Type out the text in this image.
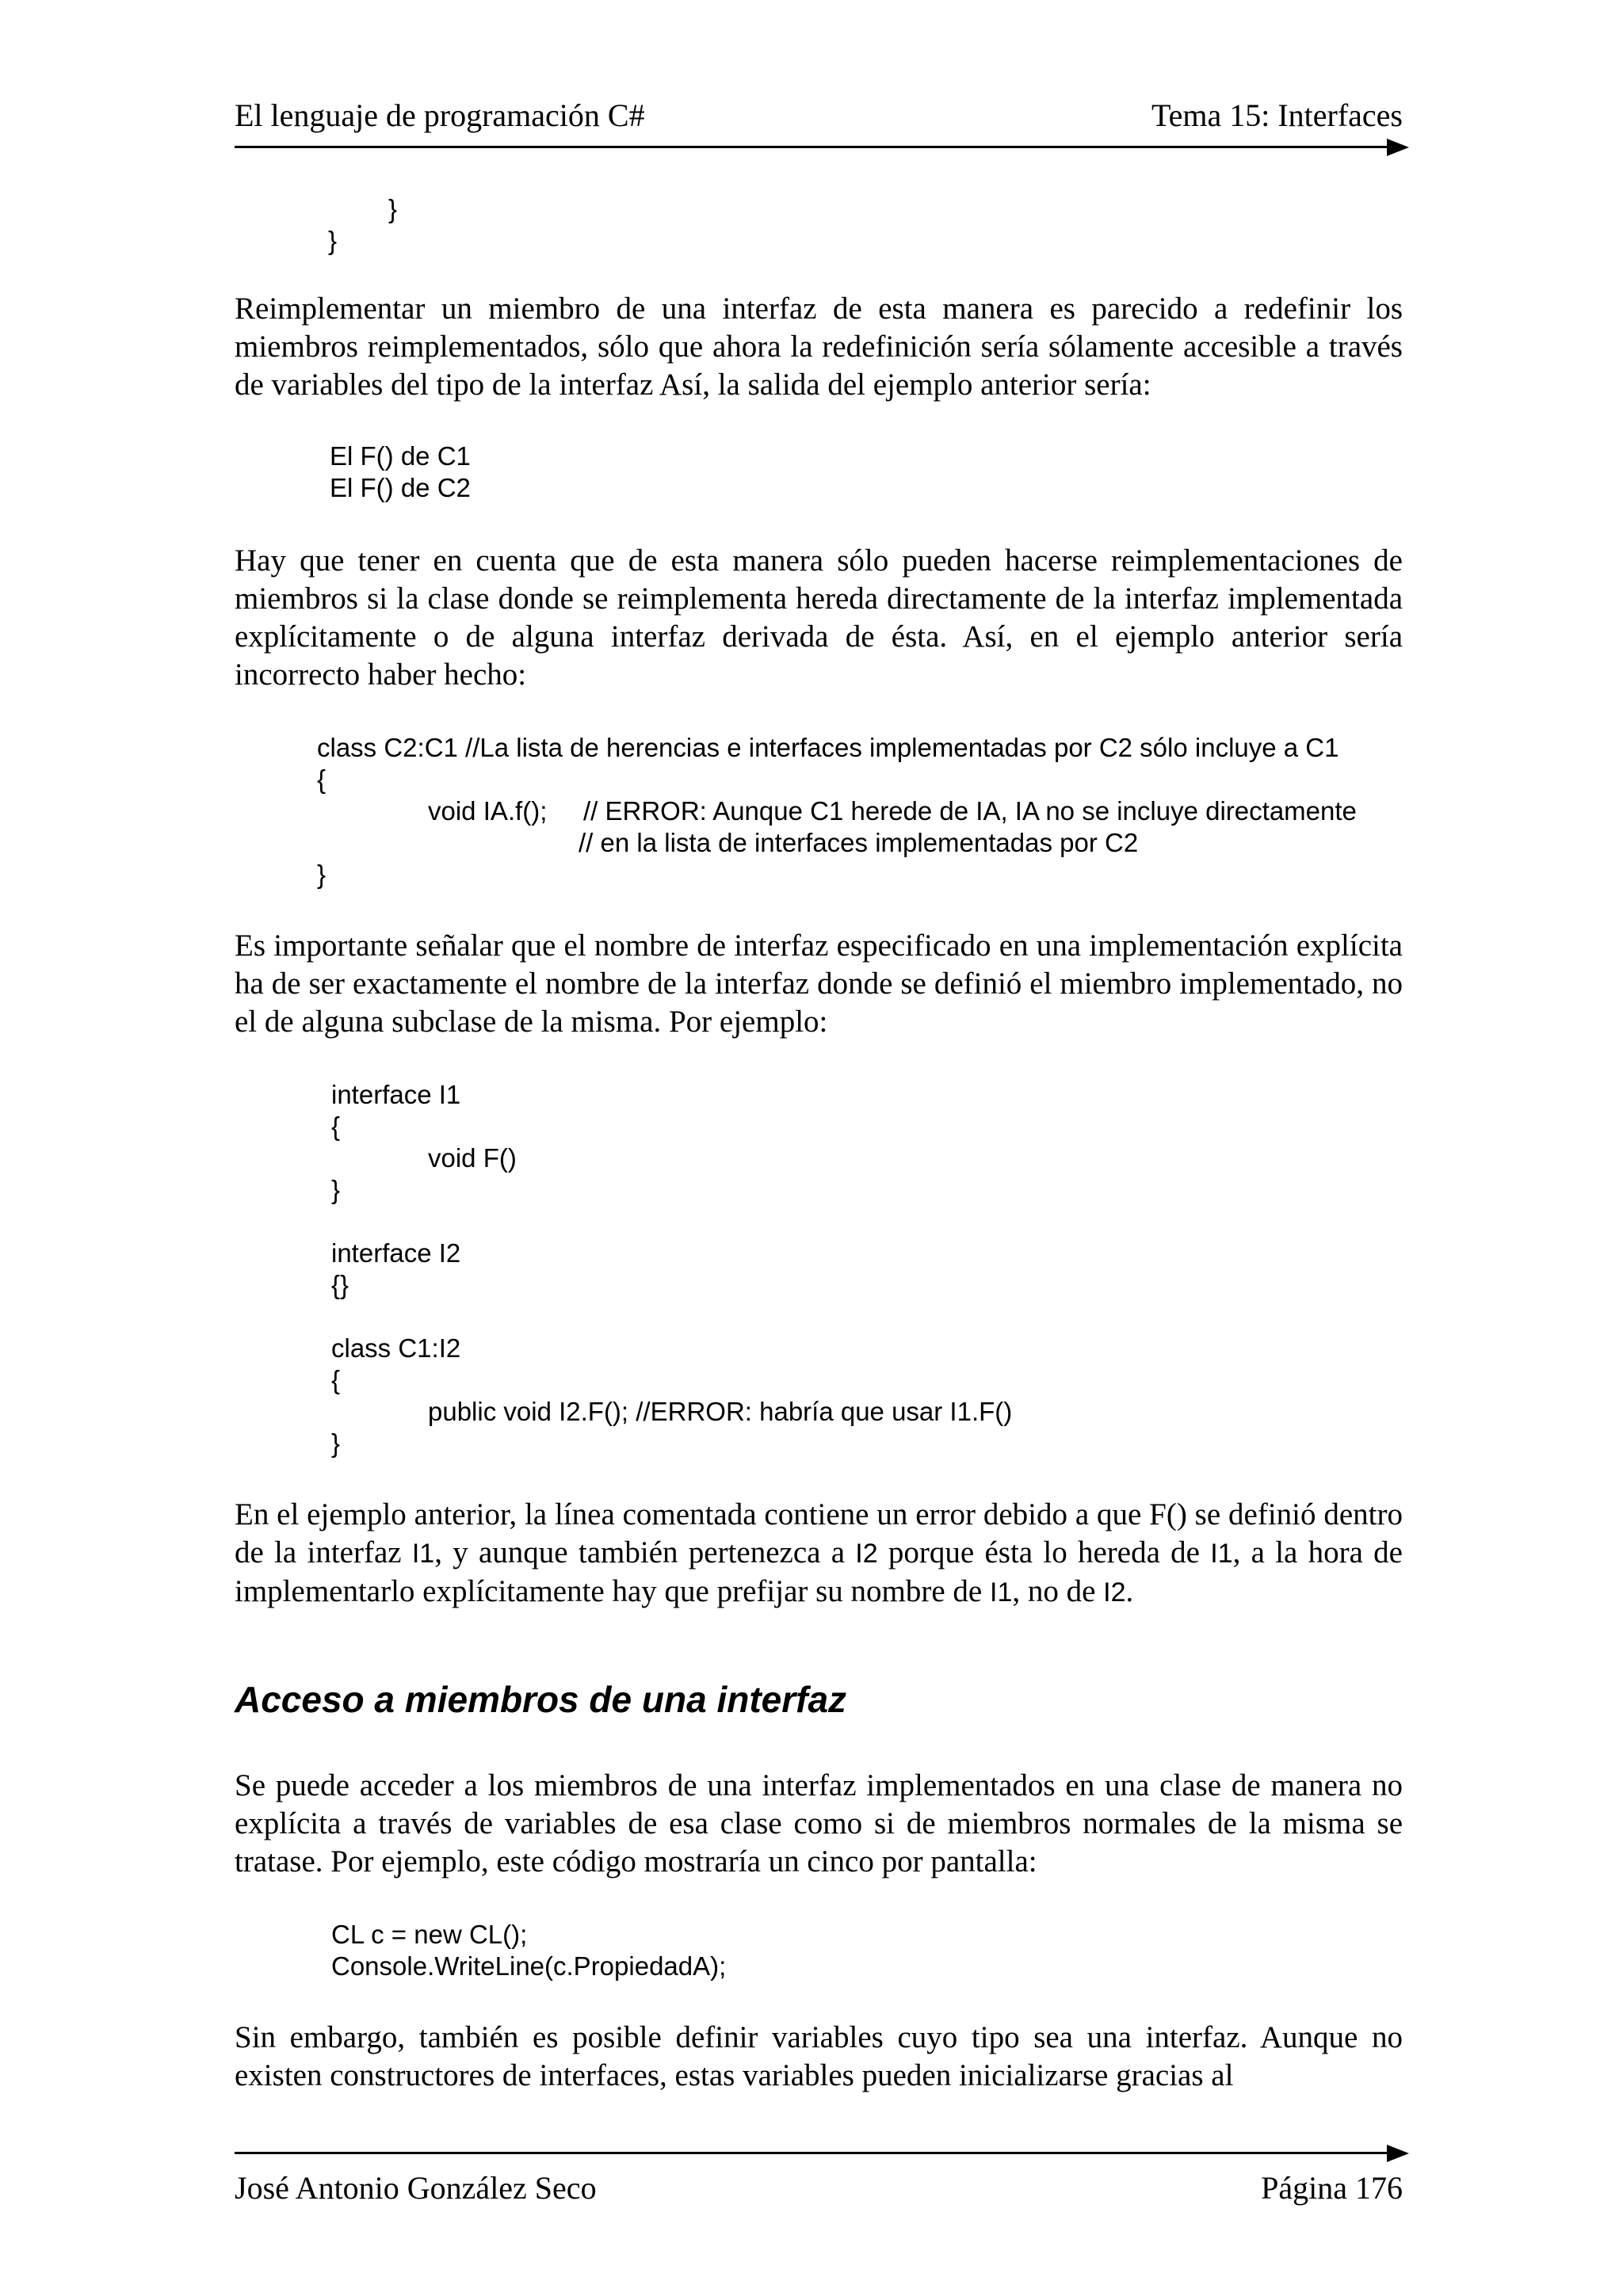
El lenguaje de programación C#	Tema 15: Interfaces
}
}

Reimplementar un miembro de una interfaz de esta manera es parecido a redefinir los miembros reimplementados, sólo que ahora la redefinición sería sólamente accesible a través de variables del tipo de la interfaz Así, la salida del ejemplo anterior sería:

El F() de C1
El F() de C2

Hay que tener en cuenta que de esta manera sólo pueden hacerse reimplementaciones de miembros si la clase donde se reimplementa hereda directamente de la interfaz implementada explícitamente o de alguna interfaz derivada de ésta. Así, en el ejemplo anterior sería incorrecto haber hecho:

class C2:C1 //La lista de herencias e interfaces implementadas por C2 sólo incluye a C1
{
void IA.f(); // ERROR: Aunque C1 herede de IA, IA no se incluye directamente
// en la lista de interfaces implementadas por C2
}

Es importante señalar que el nombre de interfaz especificado en una implementación explícita ha de ser exactamente el nombre de la interfaz donde se definió el miembro implementado, no el de alguna subclase de la misma. Por ejemplo:

interface I1
{
void F()
}
interface I2
{}
class C1:I2
{
public void I2.F(); //ERROR: habría que usar I1.F()
}

En el ejemplo anterior, la línea comentada contiene un error debido a que F() se definió dentro de la interfaz I1, y aunque también pertenezca a I2 porque ésta lo hereda de I1, a la hora de implementarlo explícitamente hay que prefijar su nombre de I1, no de I2.

Acceso a miembros de una interfaz

Se puede acceder a los miembros de una interfaz implementados en una clase de manera no explícita a través de variables de esa clase como si de miembros normales de la misma se tratase. Por ejemplo, este código mostraría un cinco por pantalla:

CL c = new CL();
Console.WriteLine(c.PropiedadA);

Sin embargo, también es posible definir variables cuyo tipo sea una interfaz. Aunque no existen constructores de interfaces, estas variables pueden inicializarse gracias al

José Antonio González Seco	Página 176
